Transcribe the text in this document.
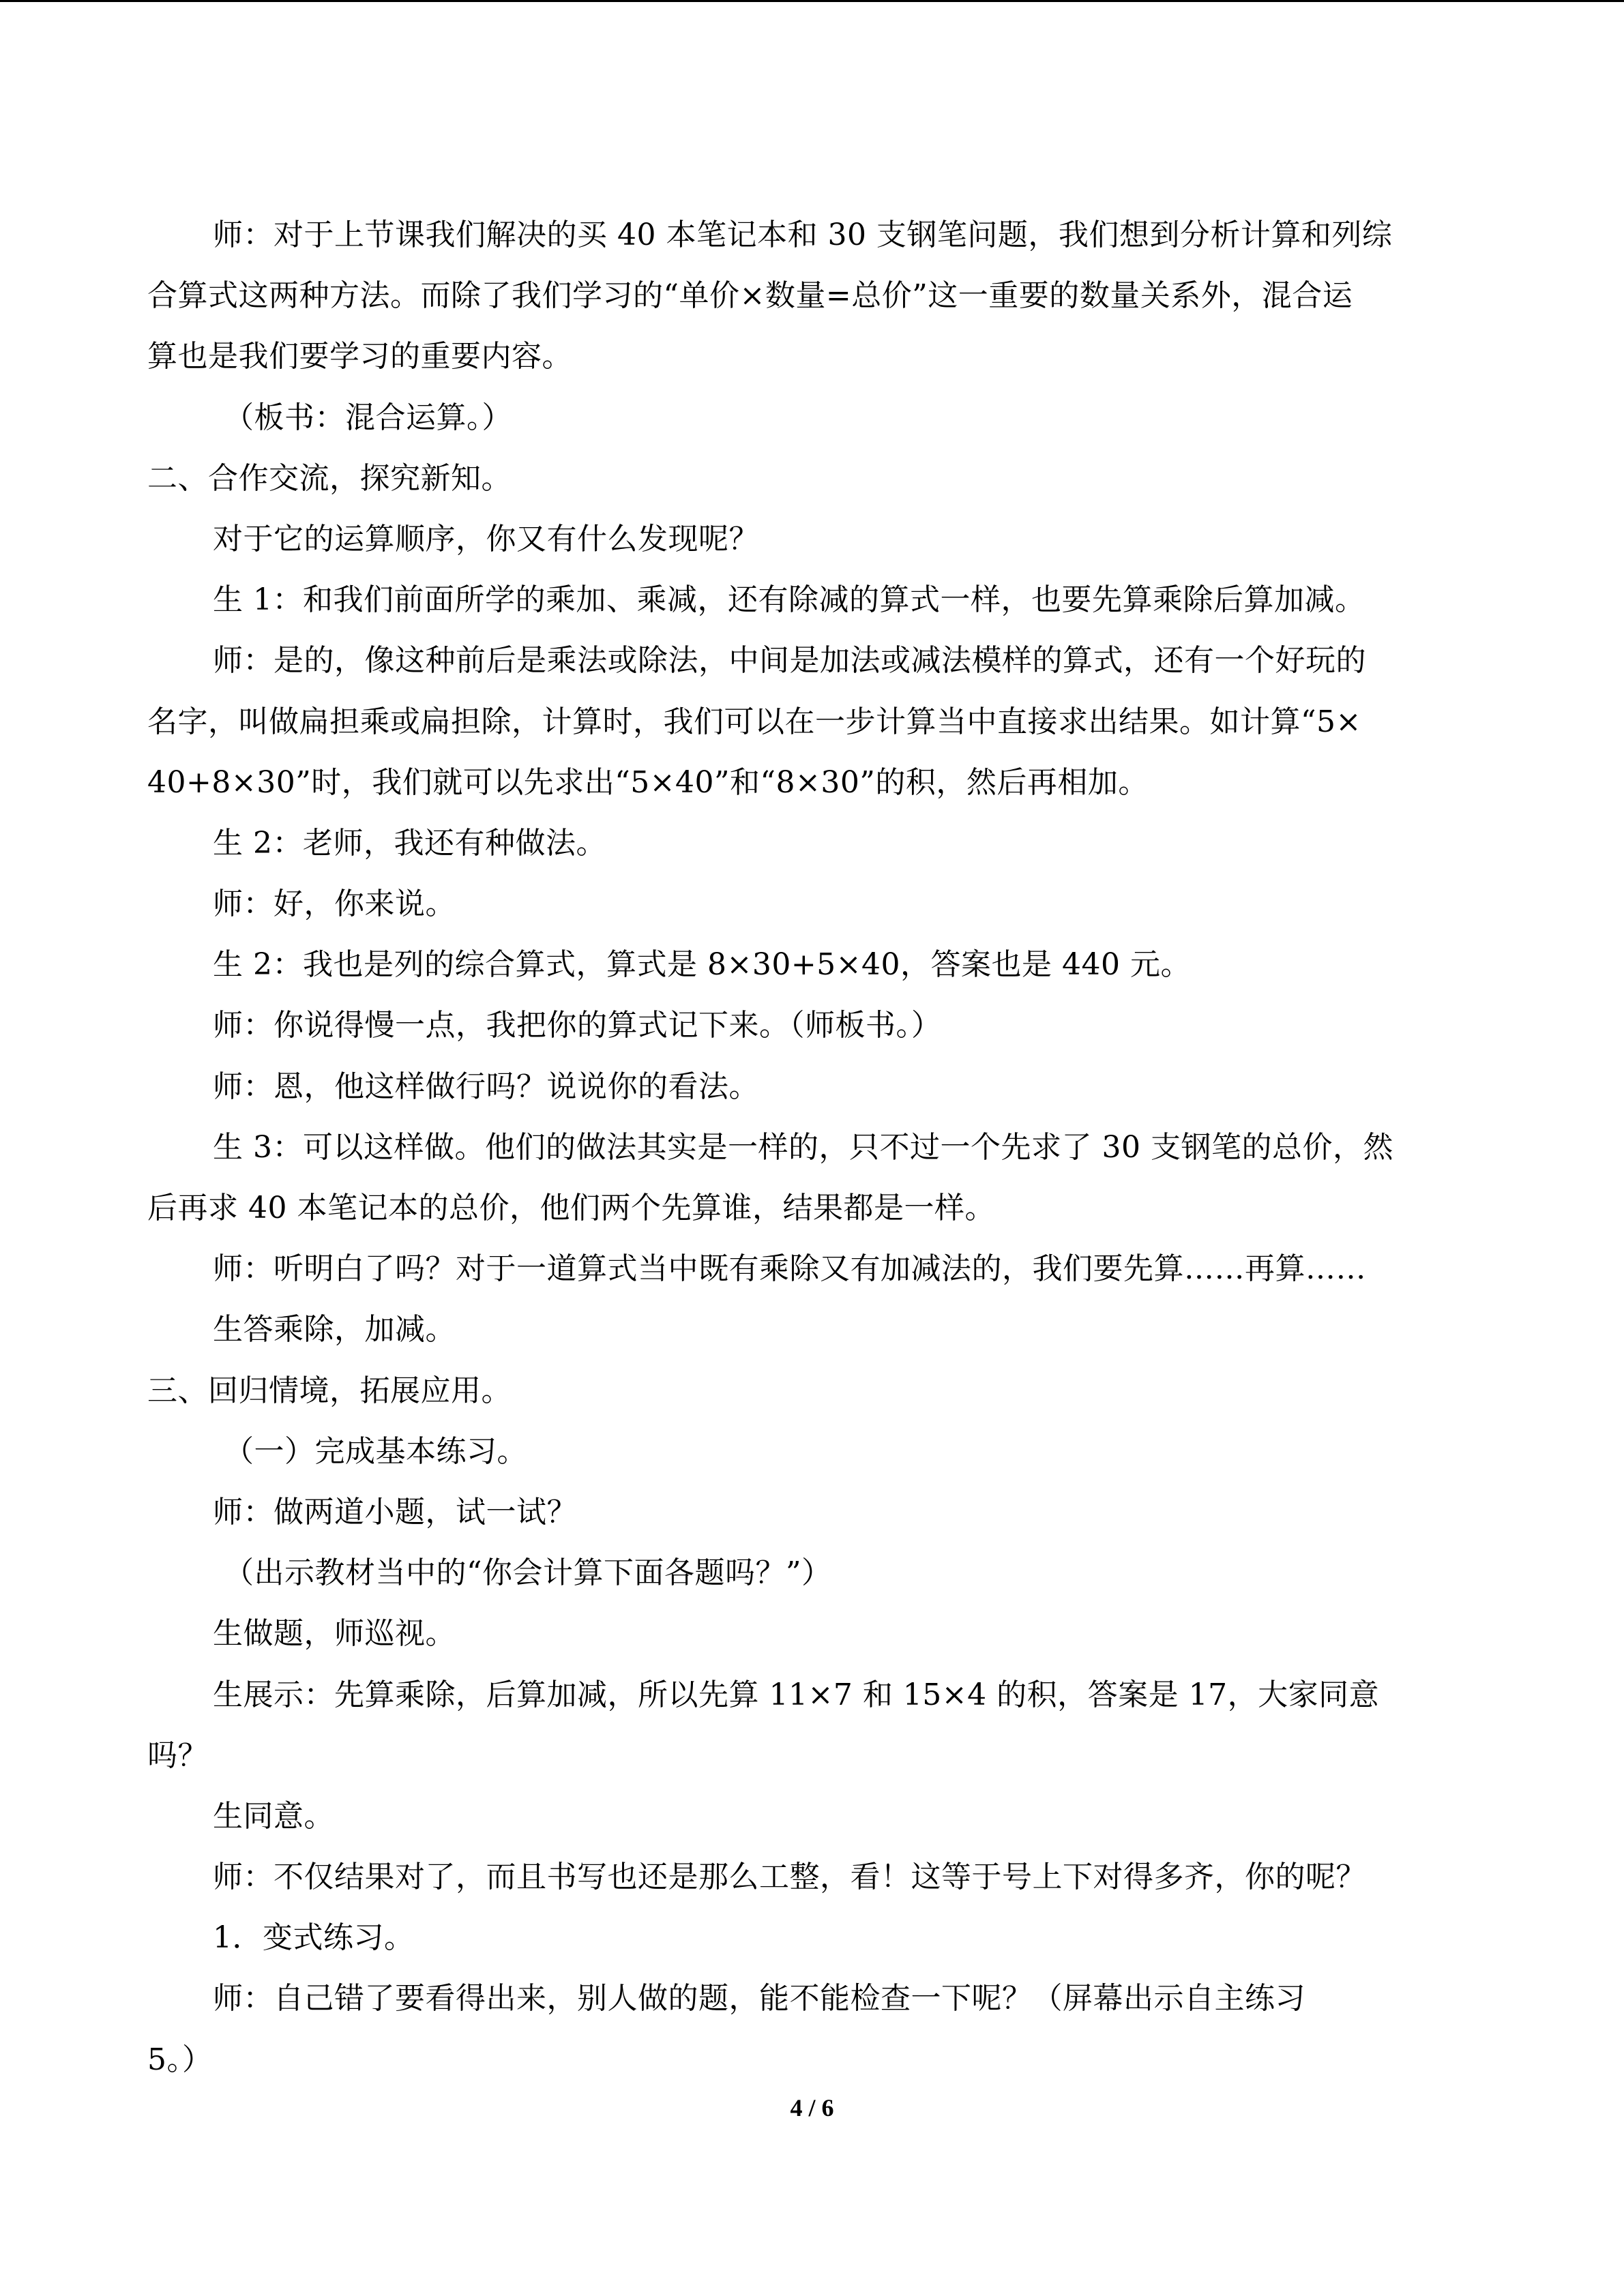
师：对于上节课我们解决的买 40 本笔记本和 30 支钢笔问题，我们想到分析计算和列综
合算式这两种方法。而除了我们学习的“单价×数量=总价”这一重要的数量关系外，混合运
算也是我们要学习的重要内容。
（板书：混合运算。）
二、合作交流，探究新知。
对于它的运算顺序，你又有什么发现呢？
生 1：和我们前面所学的乘加、乘减，还有除减的算式一样，也要先算乘除后算加减。
师：是的，像这种前后是乘法或除法，中间是加法或减法模样的算式，还有一个好玩的
名字，叫做扁担乘或扁担除，计算时，我们可以在一步计算当中直接求出结果。如计算“5×
40+8×30”时，我们就可以先求出“5×40”和“8×30”的积，然后再相加。
生 2：老师，我还有种做法。
师：好，你来说。
生 2：我也是列的综合算式，算式是 8×30+5×40，答案也是 440 元。
师：你说得慢一点，我把你的算式记下来。（师板书。）
师：恩，他这样做行吗？说说你的看法。
生 3：可以这样做。他们的做法其实是一样的，只不过一个先求了 30 支钢笔的总价，然
后再求 40 本笔记本的总价，他们两个先算谁，结果都是一样。
师：听明白了吗？对于一道算式当中既有乘除又有加减法的，我们要先算……再算……
生答乘除，加减。
三、回归情境，拓展应用。
（一）完成基本练习。
师：做两道小题，试一试？
（出示教材当中的“你会计算下面各题吗？”）
生做题，师巡视。
生展示：先算乘除，后算加减，所以先算 11×7 和 15×4 的积，答案是 17，大家同意
吗？
生同意。
师：不仅结果对了，而且书写也还是那么工整，看！这等于号上下对得多齐，你的呢？
1．变式练习。
师：自己错了要看得出来，别人做的题，能不能检查一下呢？（屏幕出示自主练习
5。）
4 / 6
